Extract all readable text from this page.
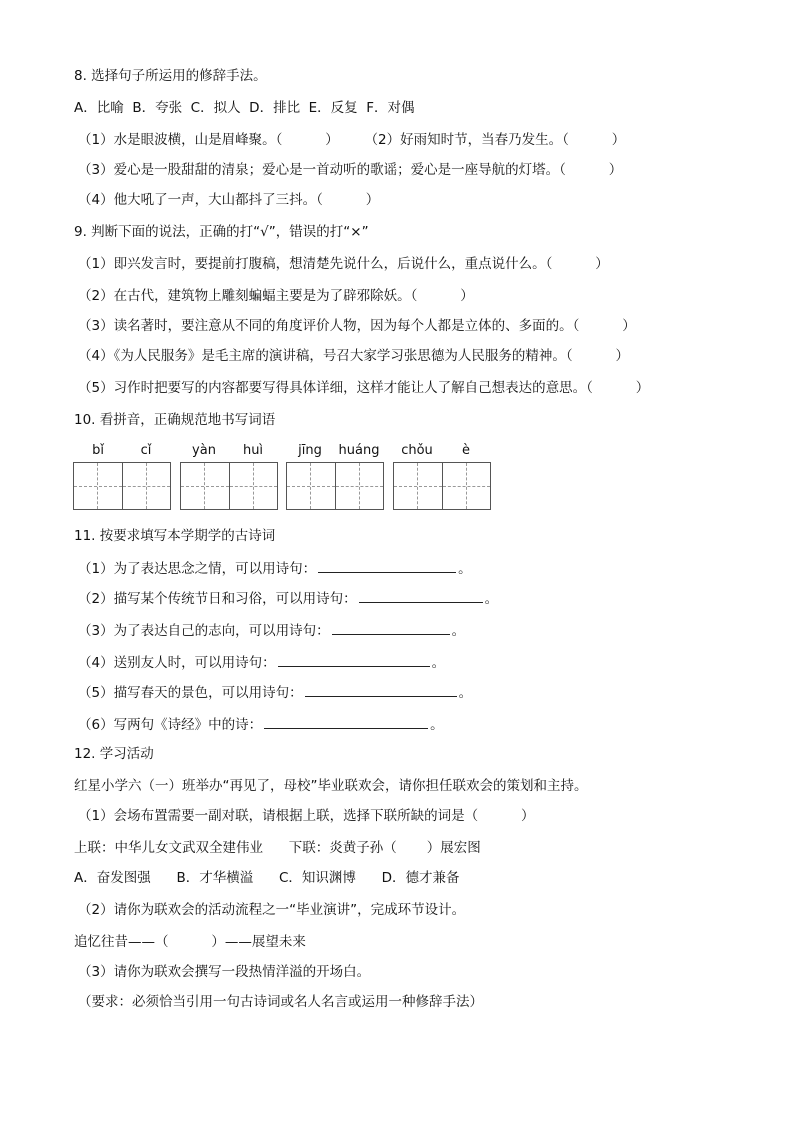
8. 选择句子所运用的修辞手法。
A．比喻  B．夸张  C．拟人  D．排比  E．反复  F．对偶
（1）水是眼波横，山是眉峰聚。（          ）      （2）好雨知时节，当春乃发生。（          ）
（3）爱心是一股甜甜的清泉；爱心是一首动听的歌谣；爱心是一座导航的灯塔。（          ）
（4）他大吼了一声，大山都抖了三抖。（          ）
9. 判断下面的说法，正确的打“√”，错误的打“×”
（1）即兴发言时，要提前打腹稿，想清楚先说什么，后说什么，重点说什么。（          ）
（2）在古代，建筑物上雕刻蝙蝠主要是为了辟邪除妖。（          ）
（3）读名著时，要注意从不同的角度评价人物，因为每个人都是立体的、多面的。（          ）
（4）《为人民服务》是毛主席的演讲稿，号召大家学习张思德为人民服务的精神。（          ）
（5）习作时把要写的内容都要写得具体详细，这样才能让人了解自己想表达的意思。（          ）
10. 看拼音，正确规范地书写词语
bǐ	cǐ	yàn	huì	jīng	huáng	chǒu	è
11. 按要求填写本学期学的古诗词
（1）为了表达思念之情，可以用诗句：	。
（2）描写某个传统节日和习俗，可以用诗句：	。
（3）为了表达自己的志向，可以用诗句：	。
（4）送别友人时，可以用诗句：	。
（5）描写春天的景色，可以用诗句：	。
（6）写两句《诗经》中的诗：	。
12. 学习活动
红星小学六（一）班举办“再见了，母校”毕业联欢会，请你担任联欢会的策划和主持。
（1）会场布置需要一副对联，请根据上联，选择下联所缺的词是（          ）
上联：中华儿女文武双全建伟业      下联：炎黄子孙（       ）展宏图
A．奋发图强      B．才华横溢      C．知识渊博      D．德才兼备
（2）请你为联欢会的活动流程之一“毕业演讲”，完成环节设计。
追忆往昔——（          ）——展望未来
（3）请你为联欢会撰写一段热情洋溢的开场白。
（要求：必须恰当引用一句古诗词或名人名言或运用一种修辞手法）
